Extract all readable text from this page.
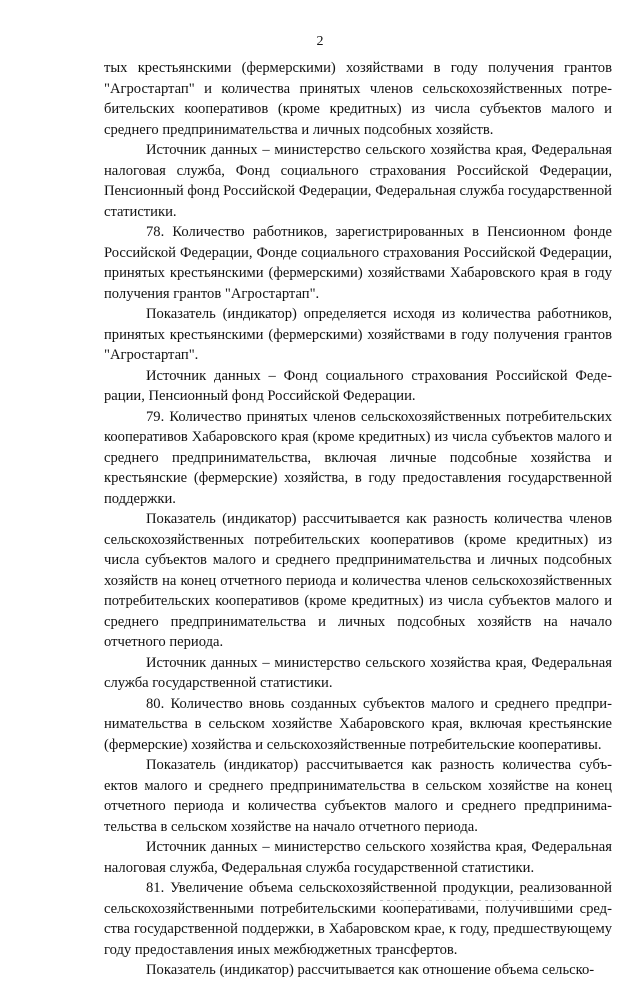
2

тых крестьянскими (фермерскими) хозяйствами в году получения грантов "Агростартап" и количества принятых членов сельскохозяйственных потребительских кооперативов (кроме кредитных) из числа субъектов малого и среднего предпринимательства и личных подсобных хозяйств.

Источник данных – министерство сельского хозяйства края, Федеральная налоговая служба, Фонд социального страхования Российской Федерации, Пенсионный фонд Российской Федерации, Федеральная служба государственной статистики.

78. Количество работников, зарегистрированных в Пенсионном фонде Российской Федерации, Фонде социального страхования Российской Федерации, принятых крестьянскими (фермерскими) хозяйствами Хабаровского края в году получения грантов "Агростартап".

Показатель (индикатор) определяется исходя из количества работников, принятых крестьянскими (фермерскими) хозяйствами в году получения грантов "Агростартап".

Источник данных – Фонд социального страхования Российской Федерации, Пенсионный фонд Российской Федерации.

79. Количество принятых членов сельскохозяйственных потребительских кооперативов Хабаровского края (кроме кредитных) из числа субъектов малого и среднего предпринимательства, включая личные подсобные хозяйства и крестьянские (фермерские) хозяйства, в году предоставления государственной поддержки.

Показатель (индикатор) рассчитывается как разность количества членов сельскохозяйственных потребительских кооперативов (кроме кредитных) из числа субъектов малого и среднего предпринимательства и личных подсобных хозяйств на конец отчетного периода и количества членов сельскохозяйственных потребительских кооперативов (кроме кредитных) из числа субъектов малого и среднего предпринимательства и личных подсобных хозяйств на начало отчетного периода.

Источник данных – министерство сельского хозяйства края, Федеральная служба государственной статистики.

80. Количество вновь созданных субъектов малого и среднего предпринимательства в сельском хозяйстве Хабаровского края, включая крестьянские (фермерские) хозяйства и сельскохозяйственные потребительские кооперативы.

Показатель (индикатор) рассчитывается как разность количества субъектов малого и среднего предпринимательства в сельском хозяйстве на конец отчетного периода и количества субъектов малого и среднего предпринимательства в сельском хозяйстве на начало отчетного периода.

Источник данных – министерство сельского хозяйства края, Федеральная налоговая служба, Федеральная служба государственной статистики.

81. Увеличение объема сельскохозяйственной продукции, реализованной сельскохозяйственными потребительскими кооперативами, получившими средства государственной поддержки, в Хабаровском крае, к году, предшествующему году предоставления иных межбюджетных трансфертов.

Показатель (индикатор) рассчитывается как отношение объема сельско-
